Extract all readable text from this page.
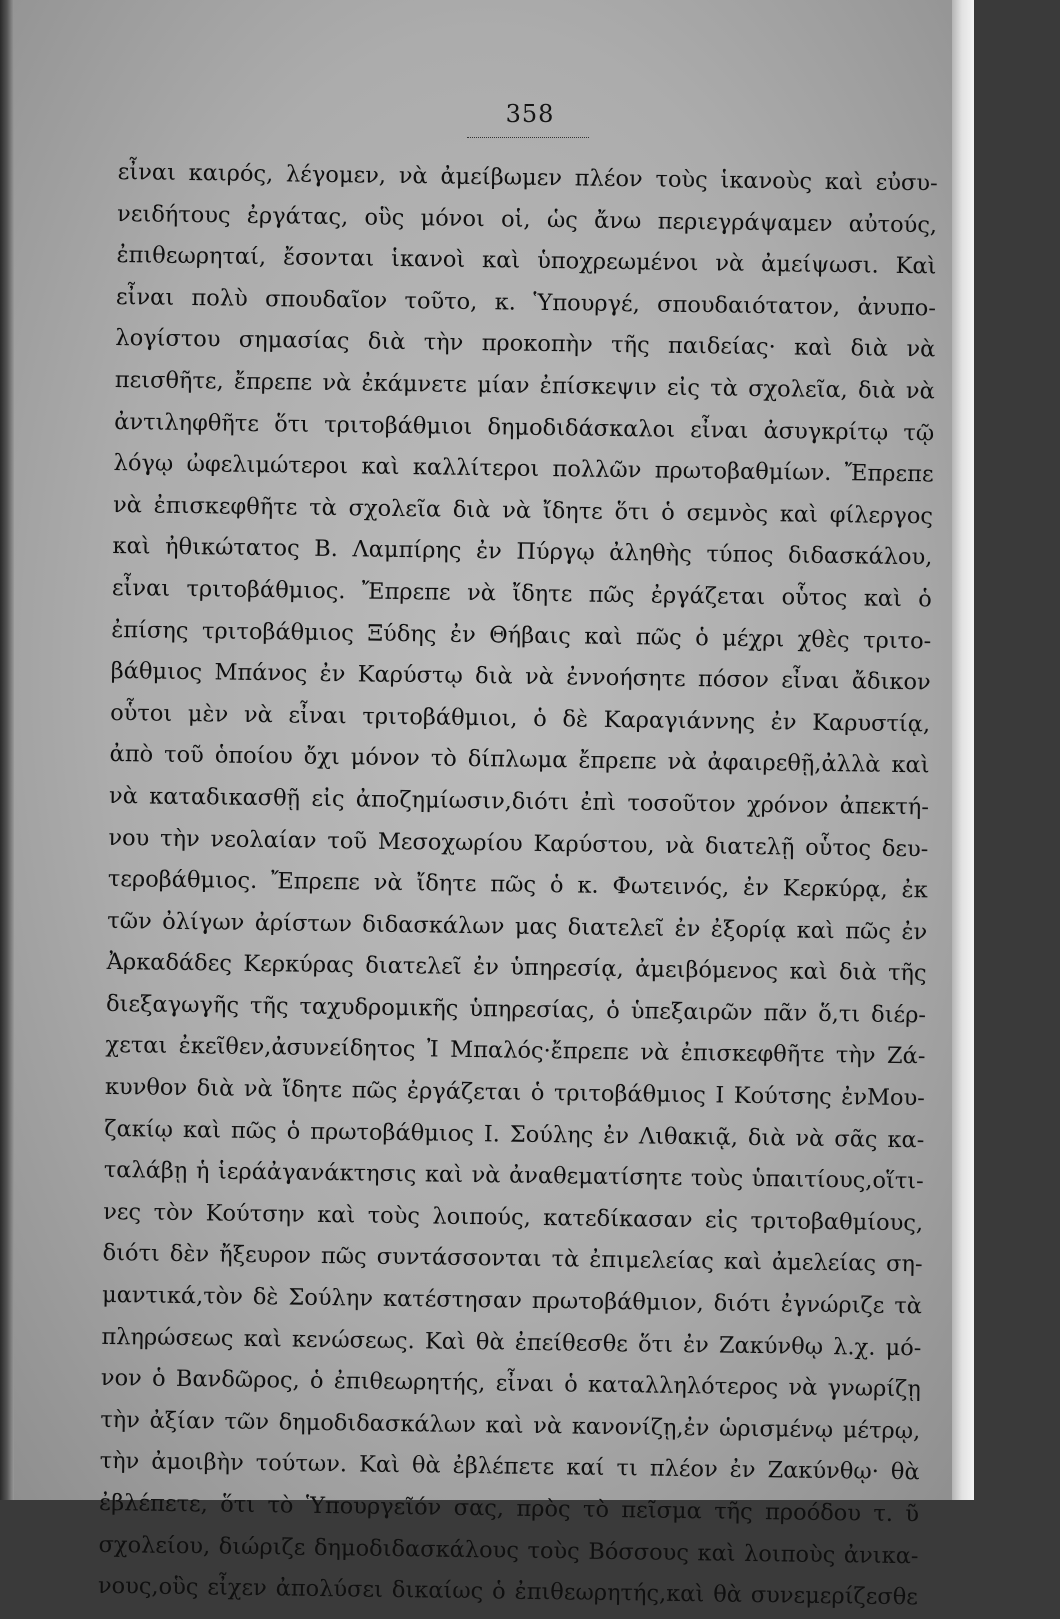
358
εἶναι καιρός, λέγομεν, νὰ ἀμείβωμεν πλέον τοὺς ἱκανοὺς καὶ εὐσυ-
νειδήτους ἐργάτας, οὓς μόνοι οἱ, ὡς ἄνω περιεγράψαμεν αὐτούς,
ἐπιθεωρηταί, ἔσονται ἱκανοὶ καὶ ὑποχρεωμένοι νὰ ἀμείψωσι. Καὶ
εἶναι πολὺ σπουδαῖον τοῦτο, κ. Ὑπουργέ, σπουδαιότατον, ἀνυπο-
λογίστου σημασίας διὰ τὴν προκοπὴν τῆς παιδείας· καὶ διὰ νὰ
πεισθῆτε, ἔπρεπε νὰ ἐκάμνετε μίαν ἐπίσκεψιν εἰς τὰ σχολεῖα, διὰ νὰ
ἀντιληφθῆτε ὅτι τριτοβάθμιοι δημοδιδάσκαλοι εἶναι ἀσυγκρίτῳ τῷ
λόγῳ ὠφελιμώτεροι καὶ καλλίτεροι πολλῶν πρωτοβαθμίων. Ἔπρεπε
νὰ ἐπισκεφθῆτε τὰ σχολεῖα διὰ νὰ ἴδητε ὅτι ὁ σεμνὸς καὶ φίλεργος
καὶ ἠθικώτατος Β. Λαμπίρης ἐν Πύργῳ ἀληθὴς τύπος διδασκάλου,
εἶναι τριτοβάθμιος. Ἔπρεπε νὰ ἴδητε πῶς ἐργάζεται οὗτος καὶ ὁ
ἐπίσης τριτοβάθμιος Ξύδης ἐν Θήβαις καὶ πῶς ὁ μέχρι χθὲς τριτο-
βάθμιος Μπάνος ἐν Καρύστῳ διὰ νὰ ἐννοήσητε πόσον εἶναι ἄδικον
οὗτοι μὲν νὰ εἶναι τριτοβάθμιοι, ὁ δὲ Καραγιάννης ἐν Καρυστίᾳ,
ἀπὸ τοῦ ὁποίου ὄχι μόνον τὸ δίπλωμα ἔπρεπε νὰ ἀφαιρεθῇ,ἀλλὰ καὶ
νὰ καταδικασθῇ εἰς ἀποζημίωσιν,διότι ἐπὶ τοσοῦτον χρόνον ἀπεκτή-
νου τὴν νεολαίαν τοῦ Μεσοχωρίου Καρύστου, νὰ διατελῇ οὗτος δευ-
τεροβάθμιος. Ἔπρεπε νὰ ἴδητε πῶς ὁ κ. Φωτεινός, ἐν Κερκύρᾳ, ἐκ
τῶν ὀλίγων ἀρίστων διδασκάλων μας διατελεῖ ἐν ἐξορίᾳ καὶ πῶς ἐν
Ἀρκαδάδες Κερκύρας διατελεῖ ἐν ὑπηρεσίᾳ, ἀμειβόμενος καὶ διὰ τῆς
διεξαγωγῆς τῆς ταχυδρομικῆς ὑπηρεσίας, ὁ ὑπεξαιρῶν πᾶν ὅ,τι διέρ-
χεται ἐκεῖθεν,ἀσυνείδητος Ἰ Μπαλός·ἔπρεπε νὰ ἐπισκεφθῆτε τὴν Ζά-
κυνθον διὰ νὰ ἴδητε πῶς ἐργάζεται ὁ τριτοβάθμιος Ι Κούτσης ἐνΜου-
ζακίῳ καὶ πῶς ὁ πρωτοβάθμιος Ι. Σούλης ἐν Λιθακιᾷ, διὰ νὰ σᾶς κα-
ταλάβῃ ἡ ἱεράἀγανάκτησις καὶ νὰ ἀναθεματίσητε τοὺς ὑπαιτίους,οἵτι-
νες τὸν Κούτσην καὶ τοὺς λοιπούς, κατεδίκασαν εἰς τριτοβαθμίους,
διότι δὲν ἤξευρον πῶς συντάσσονται τὰ ἐπιμελείας καὶ ἀμελείας ση-
μαντικά,τὸν δὲ Σούλην κατέστησαν πρωτοβάθμιον, διότι ἐγνώριζε τὰ
πληρώσεως καὶ κενώσεως. Καὶ θὰ ἐπείθεσθε ὅτι ἐν Ζακύνθῳ λ.χ. μό-
νον ὁ Βανδῶρος, ὁ ἐπιθεωρητής, εἶναι ὁ καταλληλότερος νὰ γνωρίζῃ
τὴν ἀξίαν τῶν δημοδιδασκάλων καὶ νὰ κανονίζῃ,ἐν ὡρισμένῳ μέτρῳ,
τὴν ἀμοιβὴν τούτων. Καὶ θὰ ἐβλέπετε καί τι πλέον ἐν Ζακύνθῳ· θὰ
ἐβλέπετε, ὅτι τὸ Ὑπουργεῖόν σας, πρὸς τὸ πεῖσμα τῆς προόδου τ. ῦ
σχολείου, διώριζε δημοδιδασκάλους τοὺς Βόσσους καὶ λοιποὺς ἀνικα-
νους,οὓς εἶχεν ἀπολύσει δικαίως ὁ ἐπιθεωρητής,καὶ θὰ συνεμερίζεσθε
